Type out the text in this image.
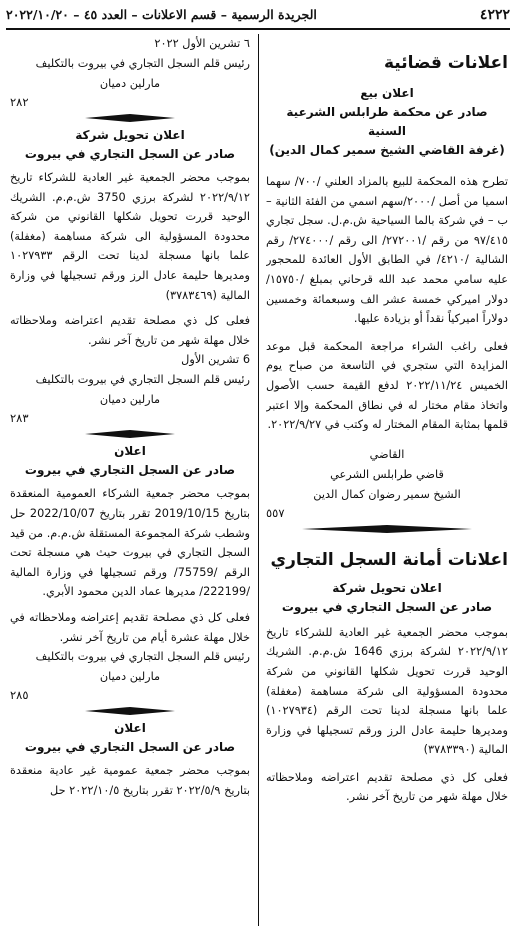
٤٢٢٢
الجريدة الرسمية – قسم الاعلانات – العدد ٤٥ – ٢٠٢٢/١٠/٢٠
اعلانات قضائية

اعلان بيع

صادر عن محكمة طرابلس الشرعية السنية

(غرفة القاضي الشيخ سمير كمال الدين)

تطرح هذه المحكمة للبيع بالمزاد العلني /٧٠٠/ سهما اسميا من أصل /٢٠٠٠/سهم اسمي من الفئة الثانية – ب – في شركة بالما السياحية ش.م.ل. سجل تجاري ٩٧/٤١٥ من رقم /٢٧٢٠٠١/ الى رقم /٢٧٤٠٠٠/ رقم الشالية /٤٢١٠/ في الطابق الأول العائدة للمحجور عليه سامي محمد عبد الله قرحاني بمبلغ /١٥٧٥٠/ دولار اميركي خمسة عشر الف وسبعمائة وخمسين دولاراً اميركياً نقداً أو بزيادة عليها.

فعلى راغب الشراء مراجعة المحكمة قبل موعد المزايدة التي ستجري في التاسعة من صباح يوم الخميس ٢٠٢٢/١١/٢٤ لدفع القيمة حسب الأصول واتخاذ مقام مختار له في نطاق المحكمة وإلا اعتبر قلمها بمثابة المقام المختار له وكتب في ٢٠٢٢/٩/٢٧.

القاضي

قاضي طرابلس الشرعي

الشيخ سمير رضوان كمال الدين

٥٥٧

اعلانات أمانة السجل التجاري

اعلان تحويل شركة

صادر عن السجل التجاري في بيروت

بموجب محضر الجمعية غير العادية للشركاء تاريخ ٢٠٢٢/٩/١٢ لشركة برزي 1646 ش.م.م. الشريك الوحيد قررت تحويل شكلها القانوني من شركة محدودة المسؤولية الى شركة مساهمة (مغفلة) علما بانها مسجلة لدينا تحت الرقم (١٠٢٧٩٣٤) ومديرها حليمة عادل الرز ورقم تسجيلها في وزارة المالية (٣٧٨٣٣٩٠)

فعلى كل ذي مصلحة تقديم اعتراضه وملاحظاته خلال مهلة شهر من تاريخ آخر نشر.

٦ تشرين الأول ٢٠٢٢

رئيس قلم السجل التجاري في بيروت بالتكليف

مارلين دميان

٢٨٢

اعلان تحويل شركة

صادر عن السجل التجاري في بيروت

بموجب محضر الجمعية غير العادية للشركاء تاريخ ٢٠٢٢/٩/١٢ لشركة برزي 3750 ش.م.م. الشريك الوحيد قررت تحويل شكلها القانوني من شركة محدودة المسؤولية الى شركة مساهمة (مغفلة) علما بانها مسجلة لدينا تحت الرقم ١٠٢٧٩٣٣ ومديرها حليمة عادل الرز ورقم تسجيلها في وزارة المالية (٣٧٨٣٤٦٩)

فعلى كل ذي مصلحة تقديم اعتراضه وملاحظاته خلال مهلة شهر من تاريخ آخر نشر.

6 تشرين الأول

رئيس قلم السجل التجاري في بيروت بالتكليف

مارلين دميان

٢٨٣

اعلان

صادر عن السجل التجاري في بيروت

بموجب محضر جمعية الشركاء العمومية المنعقدة بتاريخ 2019/10/15 تقرر بتاريخ 2022/10/07 حل وشطب شركة المجموعة المستقلة ش.م.م. من قيد السجل التجاري في بيروت حيث هي مسجلة تحت الرقم /75759/ ورقم تسجيلها في وزارة المالية /222199/ مديرها عماد الدين محمود الأبري.

فعلى كل ذي مصلحة تقديم إعتراضه وملاحظاته في خلال مهلة عشرة أيام من تاريخ آخر نشر.

رئيس قلم السجل التجاري في بيروت بالتكليف

مارلين دميان

٢٨٥

اعلان

صادر عن السجل التجاري في بيروت

بموجب محضر جمعية عمومية غير عادية منعقدة بتاريخ ٢٠٢٢/٥/٩ تقرر بتاريخ ٢٠٢٢/١٠/٥ حل
